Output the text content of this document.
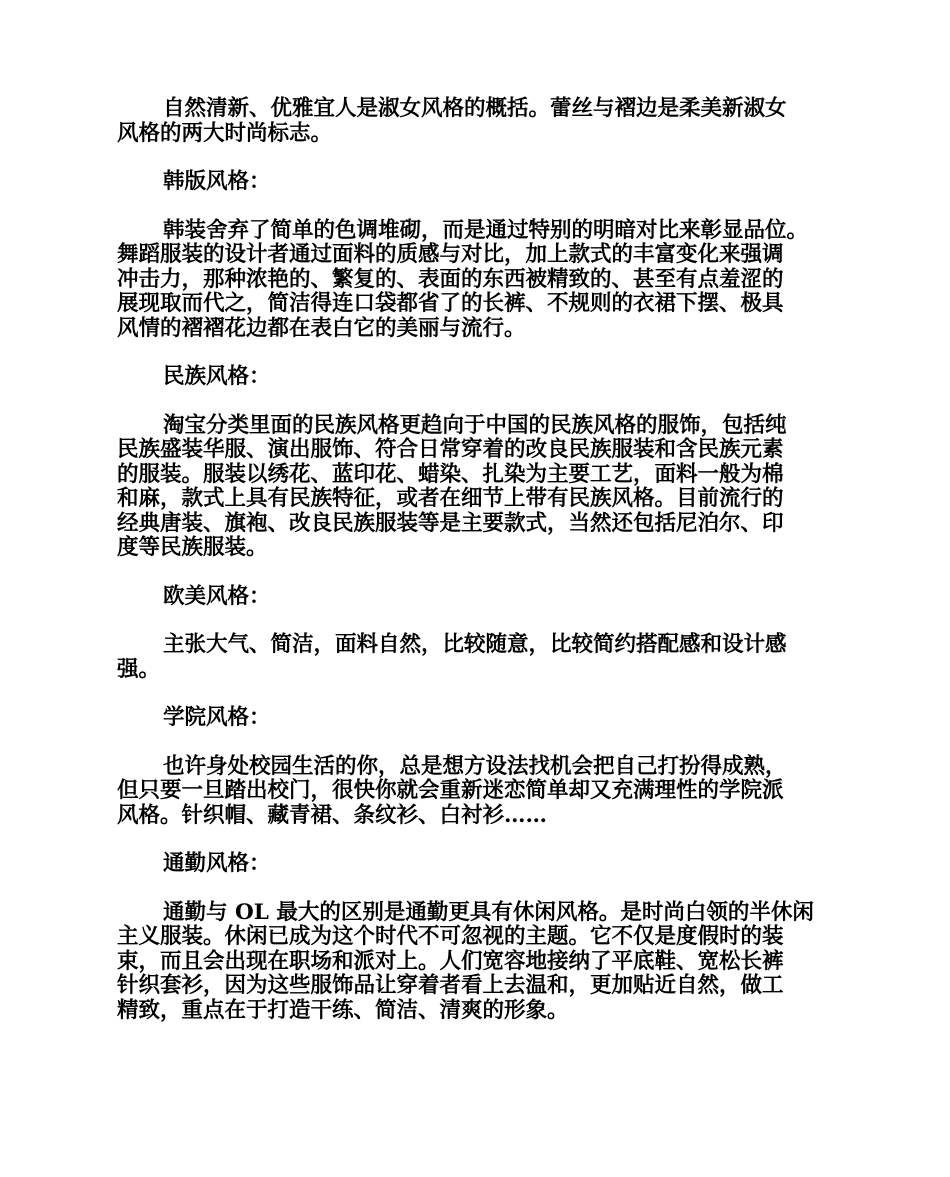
自然清新、优雅宜人是淑女风格的概括。蕾丝与褶边是柔美新淑女
风格的两大时尚标志。

韩版风格：

韩装舍弃了简单的色调堆砌，而是通过特别的明暗对比来彰显品位。
舞蹈服装的设计者通过面料的质感与对比，加上款式的丰富变化来强调
冲击力，那种浓艳的、繁复的、表面的东西被精致的、甚至有点羞涩的
展现取而代之，简洁得连口袋都省了的长裤、不规则的衣裙下摆、极具
风情的褶褶花边都在表白它的美丽与流行。

民族风格：

淘宝分类里面的民族风格更趋向于中国的民族风格的服饰，包括纯
民族盛装华服、演出服饰、符合日常穿着的改良民族服装和含民族元素
的服装。服装以绣花、蓝印花、蜡染、扎染为主要工艺，面料一般为棉
和麻，款式上具有民族特征，或者在细节上带有民族风格。目前流行的
经典唐装、旗袍、改良民族服装等是主要款式，当然还包括尼泊尔、印
度等民族服装。

欧美风格：

主张大气、简洁，面料自然，比较随意，比较简约搭配感和设计感
强。

学院风格：

也许身处校园生活的你，总是想方设法找机会把自己打扮得成熟，
但只要一旦踏出校门，很快你就会重新迷恋简单却又充满理性的学院派
风格。针织帽、藏青裙、条纹衫、白衬衫……

通勤风格：

通勤与 OL 最大的区别是通勤更具有休闲风格。是时尚白领的半休闲
主义服装。休闲已成为这个时代不可忽视的主题。它不仅是度假时的装
束，而且会出现在职场和派对上。人们宽容地接纳了平底鞋、宽松长裤
针织套衫，因为这些服饰品让穿着者看上去温和，更加贴近自然，做工
精致，重点在于打造干练、简洁、清爽的形象。
